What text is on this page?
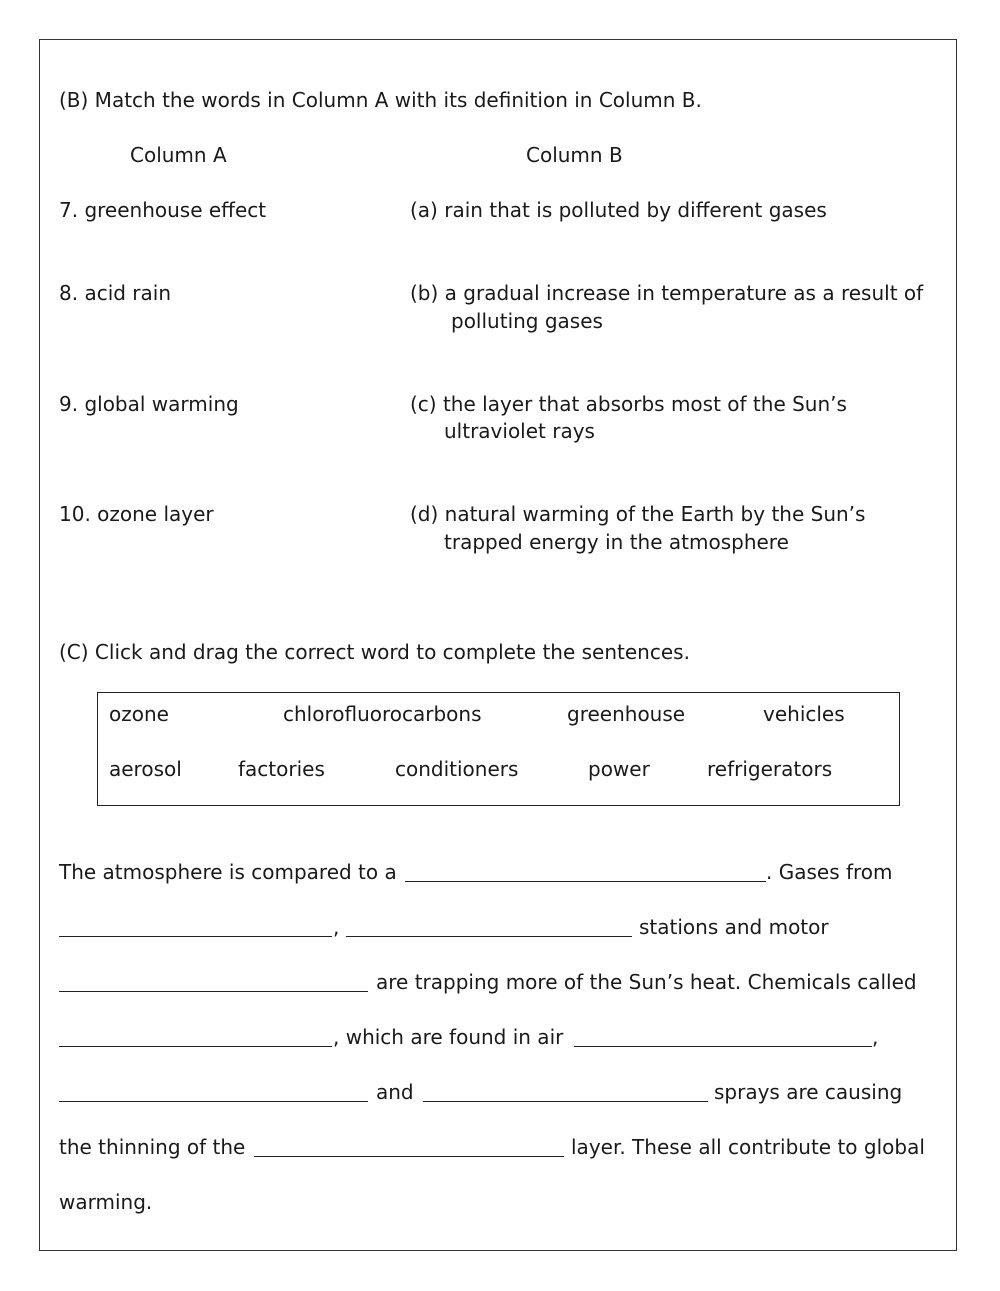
(B) Match the words in Column A with its definition in Column B.
Column A	Column B
7. greenhouse effect	(a) rain that is polluted by different gases
8. acid rain	(b) a gradual increase in temperature as a result of
polluting gases
9. global warming	(c) the layer that absorbs most of the Sun’s
ultraviolet rays
10. ozone layer	(d) natural warming of the Earth by the Sun’s
trapped energy in the atmosphere
(C) Click and drag the correct word to complete the sentences.
ozone	chlorofluorocarbons	greenhouse	vehicles
aerosol	factories	conditioners	power	refrigerators
The atmosphere is compared to a	. Gases from
,	stations and motor
are trapping more of the Sun’s heat. Chemicals called
, which are found in air	,
and	sprays are causing
the thinning of the	layer. These all contribute to global
warming.
